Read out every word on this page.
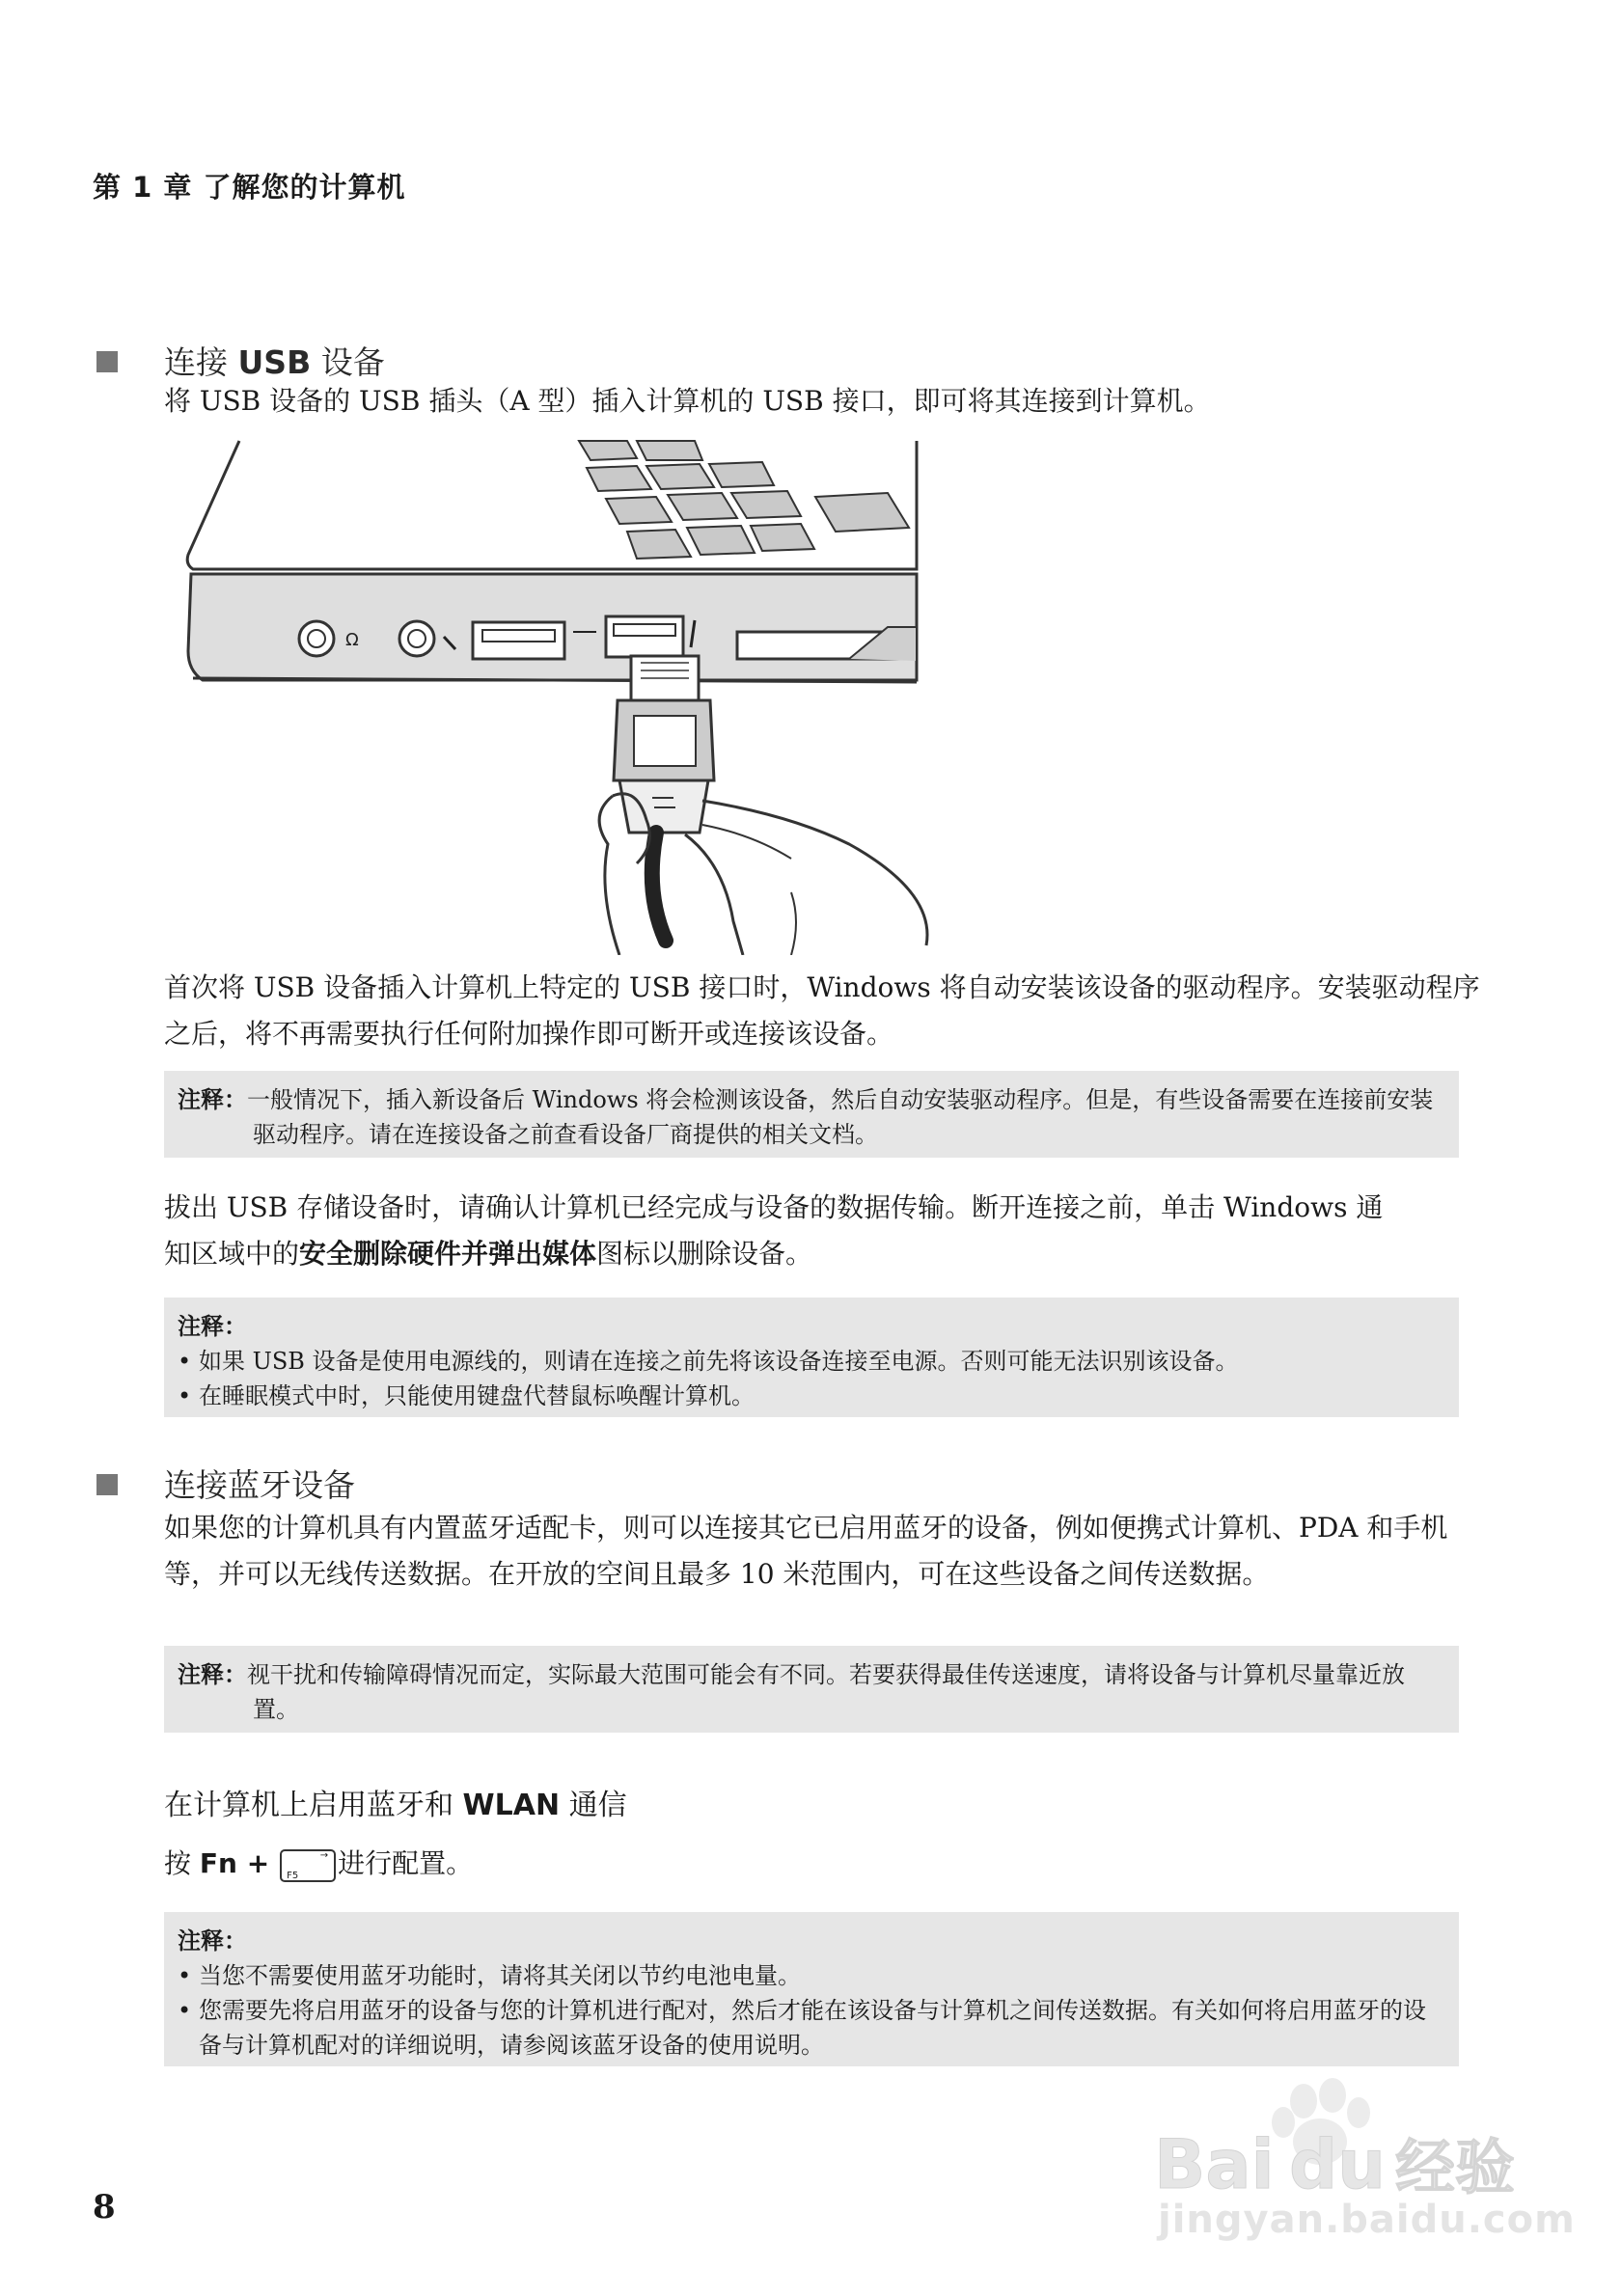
第 1 章 了解您的计算机
连接 USB 设备
将 USB 设备的 USB 插头（A 型）插入计算机的 USB 接口，即可将其连接到计算机。
Ω
首次将 USB 设备插入计算机上特定的 USB 接口时，Windows 将自动安装该设备的驱动程序。安装驱动程序之后，将不再需要执行任何附加操作即可断开或连接该设备。
注释：一般情况下，插入新设备后 Windows 将会检测该设备，然后自动安装驱动程序。但是，有些设备需要在连接前安装驱动程序。请在连接设备之前查看设备厂商提供的相关文档。
拔出 USB 存储设备时，请确认计算机已经完成与设备的数据传输。断开连接之前，单击 Windows 通知区域中的安全删除硬件并弹出媒体图标以删除设备。
注释：
• 如果 USB 设备是使用电源线的，则请在连接之前先将该设备连接至电源。否则可能无法识别该设备。
• 在睡眠模式中时，只能使用键盘代替鼠标唤醒计算机。
连接蓝牙设备
如果您的计算机具有内置蓝牙适配卡，则可以连接其它已启用蓝牙的设备，例如便携式计算机、PDA 和手机等，并可以无线传送数据。在开放的空间且最多 10 米范围内，可在这些设备之间传送数据。
注释：视干扰和传输障碍情况而定，实际最大范围可能会有不同。若要获得最佳传送速度，请将设备与计算机尽量靠近放置。
在计算机上启用蓝牙和 WLAN 通信
按 Fn + F5
→ 进行配置。
注释：
• 当您不需要使用蓝牙功能时，请将其关闭以节约电池电量。
• 您需要先将启用蓝牙的设备与您的计算机进行配对，然后才能在该设备与计算机之间传送数据。有关如何将启用蓝牙的设备与计算机配对的详细说明，请参阅该蓝牙设备的使用说明。
8
Bai du 经验
jingyan.baidu.com
